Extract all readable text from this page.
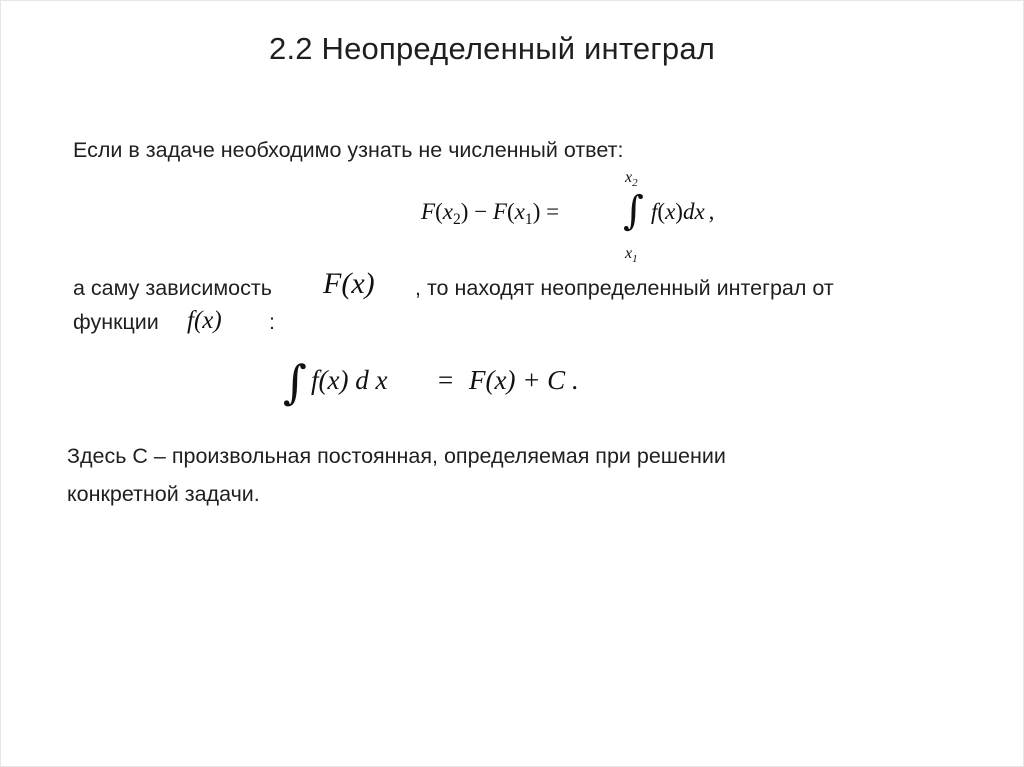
2.2 Неопределенный интеграл
Если в задаче необходимо узнать не численный ответ:
$F(x_2) - F(x_1)$ = ∫
$x_2$
$x_1$
f(x)dx ,
а саму зависимость F(x) , то находят неопределенный интеграл от
функции f(x) :
∫ f(x) d x = F(x) + C .
Здесь С – произвольная постоянная, определяемая при решении
конкретной задачи.
